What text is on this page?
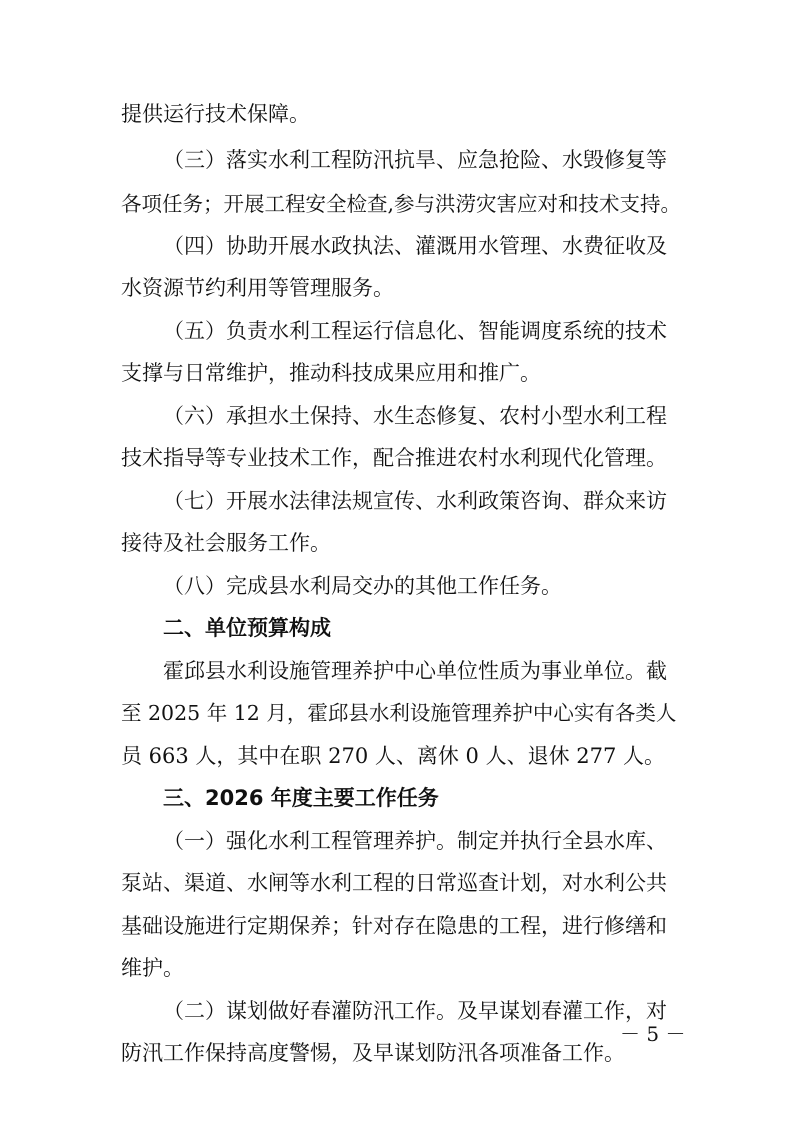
提供运行技术保障。
（三）落实水利工程防汛抗旱、应急抢险、水毁修复等
各项任务；开展工程安全检查,参与洪涝灾害应对和技术支持。
（四）协助开展水政执法、灌溉用水管理、水费征收及
水资源节约利用等管理服务。
（五）负责水利工程运行信息化、智能调度系统的技术
支撑与日常维护，推动科技成果应用和推广。
（六）承担水土保持、水生态修复、农村小型水利工程
技术指导等专业技术工作，配合推进农村水利现代化管理。
（七）开展水法律法规宣传、水利政策咨询、群众来访
接待及社会服务工作。
（八）完成县水利局交办的其他工作任务。
二、单位预算构成
霍邱县水利设施管理养护中心单位性质为事业单位。截
至 2025 年 12 月，霍邱县水利设施管理养护中心实有各类人
员 663 人，其中在职 270 人、离休 0 人、退休 277 人。
三、2026 年度主要工作任务
（一）强化水利工程管理养护。制定并执行全县水库、
泵站、渠道、水闸等水利工程的日常巡查计划，对水利公共
基础设施进行定期保养；针对存在隐患的工程，进行修缮和
维护。
（二）谋划做好春灌防汛工作。及早谋划春灌工作，对
防汛工作保持高度警惕，及早谋划防汛各项准备工作。
－ 5 －
